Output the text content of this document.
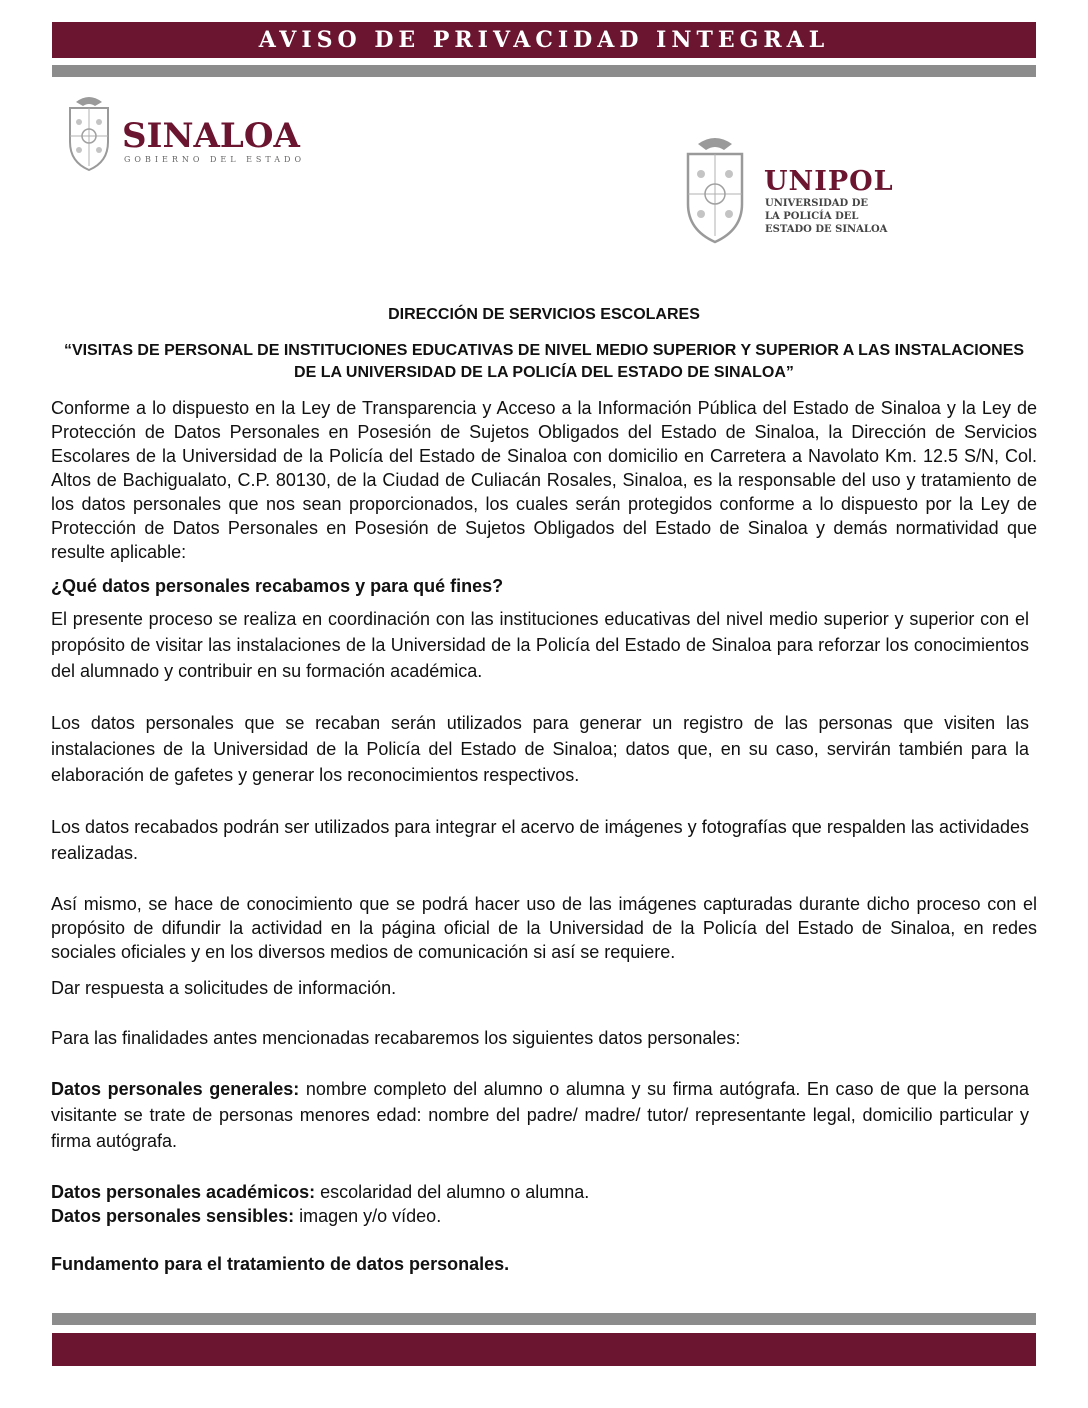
AVISO DE PRIVACIDAD INTEGRAL

SINALOA

GOBIERNO DEL ESTADO

UNIPOL

UNIVERSIDAD DE

LA POLICÍA DEL

ESTADO DE SINALOA

DIRECCIÓN DE SERVICIOS ESCOLARES

“VISITAS DE PERSONAL DE INSTITUCIONES EDUCATIVAS DE NIVEL MEDIO SUPERIOR Y SUPERIOR A LAS INSTALACIONES DE LA UNIVERSIDAD DE LA POLICÍA DEL ESTADO DE SINALOA”

Conforme a lo dispuesto en la Ley de Transparencia y Acceso a la Información Pública del Estado de Sinaloa y la Ley de Protección de Datos Personales en Posesión de Sujetos Obligados del Estado de Sinaloa, la Dirección de Servicios Escolares de la Universidad de la Policía del Estado de Sinaloa con domicilio en Carretera a Navolato Km. 12.5 S/N, Col. Altos de Bachigualato, C.P. 80130, de la Ciudad de Culiacán Rosales, Sinaloa, es la responsable del uso y tratamiento de los datos personales que nos sean proporcionados, los cuales serán protegidos conforme a lo dispuesto por la Ley de Protección de Datos Personales en Posesión de Sujetos Obligados del Estado de Sinaloa y demás normatividad que resulte aplicable:

¿Qué datos personales recabamos y para qué fines?

El presente proceso se realiza en coordinación con las instituciones educativas del nivel medio superior y superior con el propósito de visitar las instalaciones de la Universidad de la Policía del Estado de Sinaloa para reforzar los conocimientos del alumnado y contribuir en su formación académica.

Los datos personales que se recaban serán utilizados para generar un registro de las personas que visiten las instalaciones de la Universidad de la Policía del Estado de Sinaloa; datos que, en su caso, servirán también para la elaboración de gafetes y generar los reconocimientos respectivos.

Los datos recabados podrán ser utilizados para integrar el acervo de imágenes y fotografías que respalden las actividades realizadas.

Así mismo, se hace de conocimiento que se podrá hacer uso de las imágenes capturadas durante dicho proceso con el propósito de difundir la actividad en la página oficial de la Universidad de la Policía del Estado de Sinaloa, en redes sociales oficiales y en los diversos medios de comunicación si así se requiere.

Dar respuesta a solicitudes de información.

Para las finalidades antes mencionadas recabaremos los siguientes datos personales:

Datos personales generales: nombre completo del alumno o alumna y su firma autógrafa. En caso de que la persona visitante se trate de personas menores edad: nombre del padre/ madre/ tutor/ representante legal, domicilio particular y firma autógrafa.

Datos personales académicos: escolaridad del alumno o alumna.

Datos personales sensibles: imagen y/o vídeo.

Fundamento para el tratamiento de datos personales.
